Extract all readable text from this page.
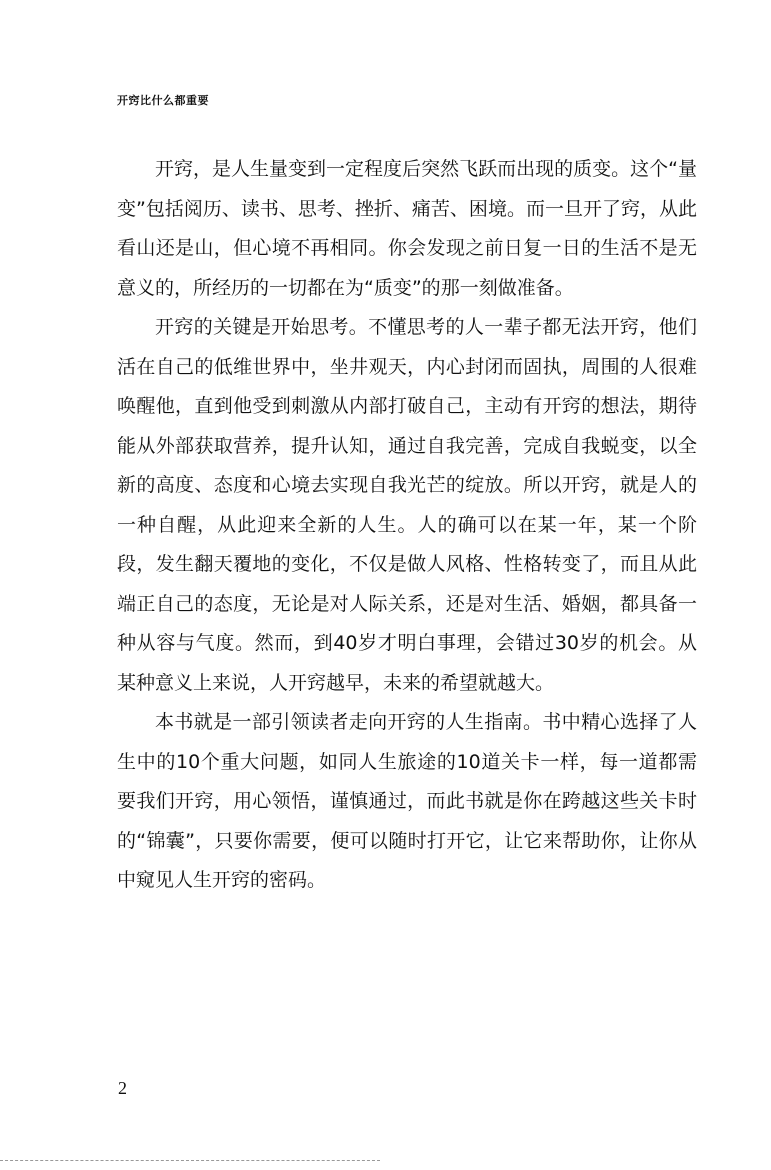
开窍比什么都重要

开窍，是人生量变到一定程度后突然飞跃而出现的质变。这个“量变”包括阅历、读书、思考、挫折、痛苦、困境。而一旦开了窍，从此看山还是山，但心境不再相同。你会发现之前日复一日的生活不是无意义的，所经历的一切都在为“质变”的那一刻做准备。

开窍的关键是开始思考。不懂思考的人一辈子都无法开窍，他们活在自己的低维世界中，坐井观天，内心封闭而固执，周围的人很难唤醒他，直到他受到刺激从内部打破自己，主动有开窍的想法，期待能从外部获取营养，提升认知，通过自我完善，完成自我蜕变，以全新的高度、态度和心境去实现自我光芒的绽放。所以开窍，就是人的一种自醒，从此迎来全新的人生。人的确可以在某一年，某一个阶段，发生翻天覆地的变化，不仅是做人风格、性格转变了，而且从此端正自己的态度，无论是对人际关系，还是对生活、婚姻，都具备一种从容与气度。然而，到40岁才明白事理，会错过30岁的机会。从某种意义上来说，人开窍越早，未来的希望就越大。

本书就是一部引领读者走向开窍的人生指南。书中精心选择了人生中的10个重大问题，如同人生旅途的10道关卡一样，每一道都需要我们开窍，用心领悟，谨慎通过，而此书就是你在跨越这些关卡时的“锦囊”，只要你需要，便可以随时打开它，让它来帮助你，让你从中窥见人生开窍的密码。

2
